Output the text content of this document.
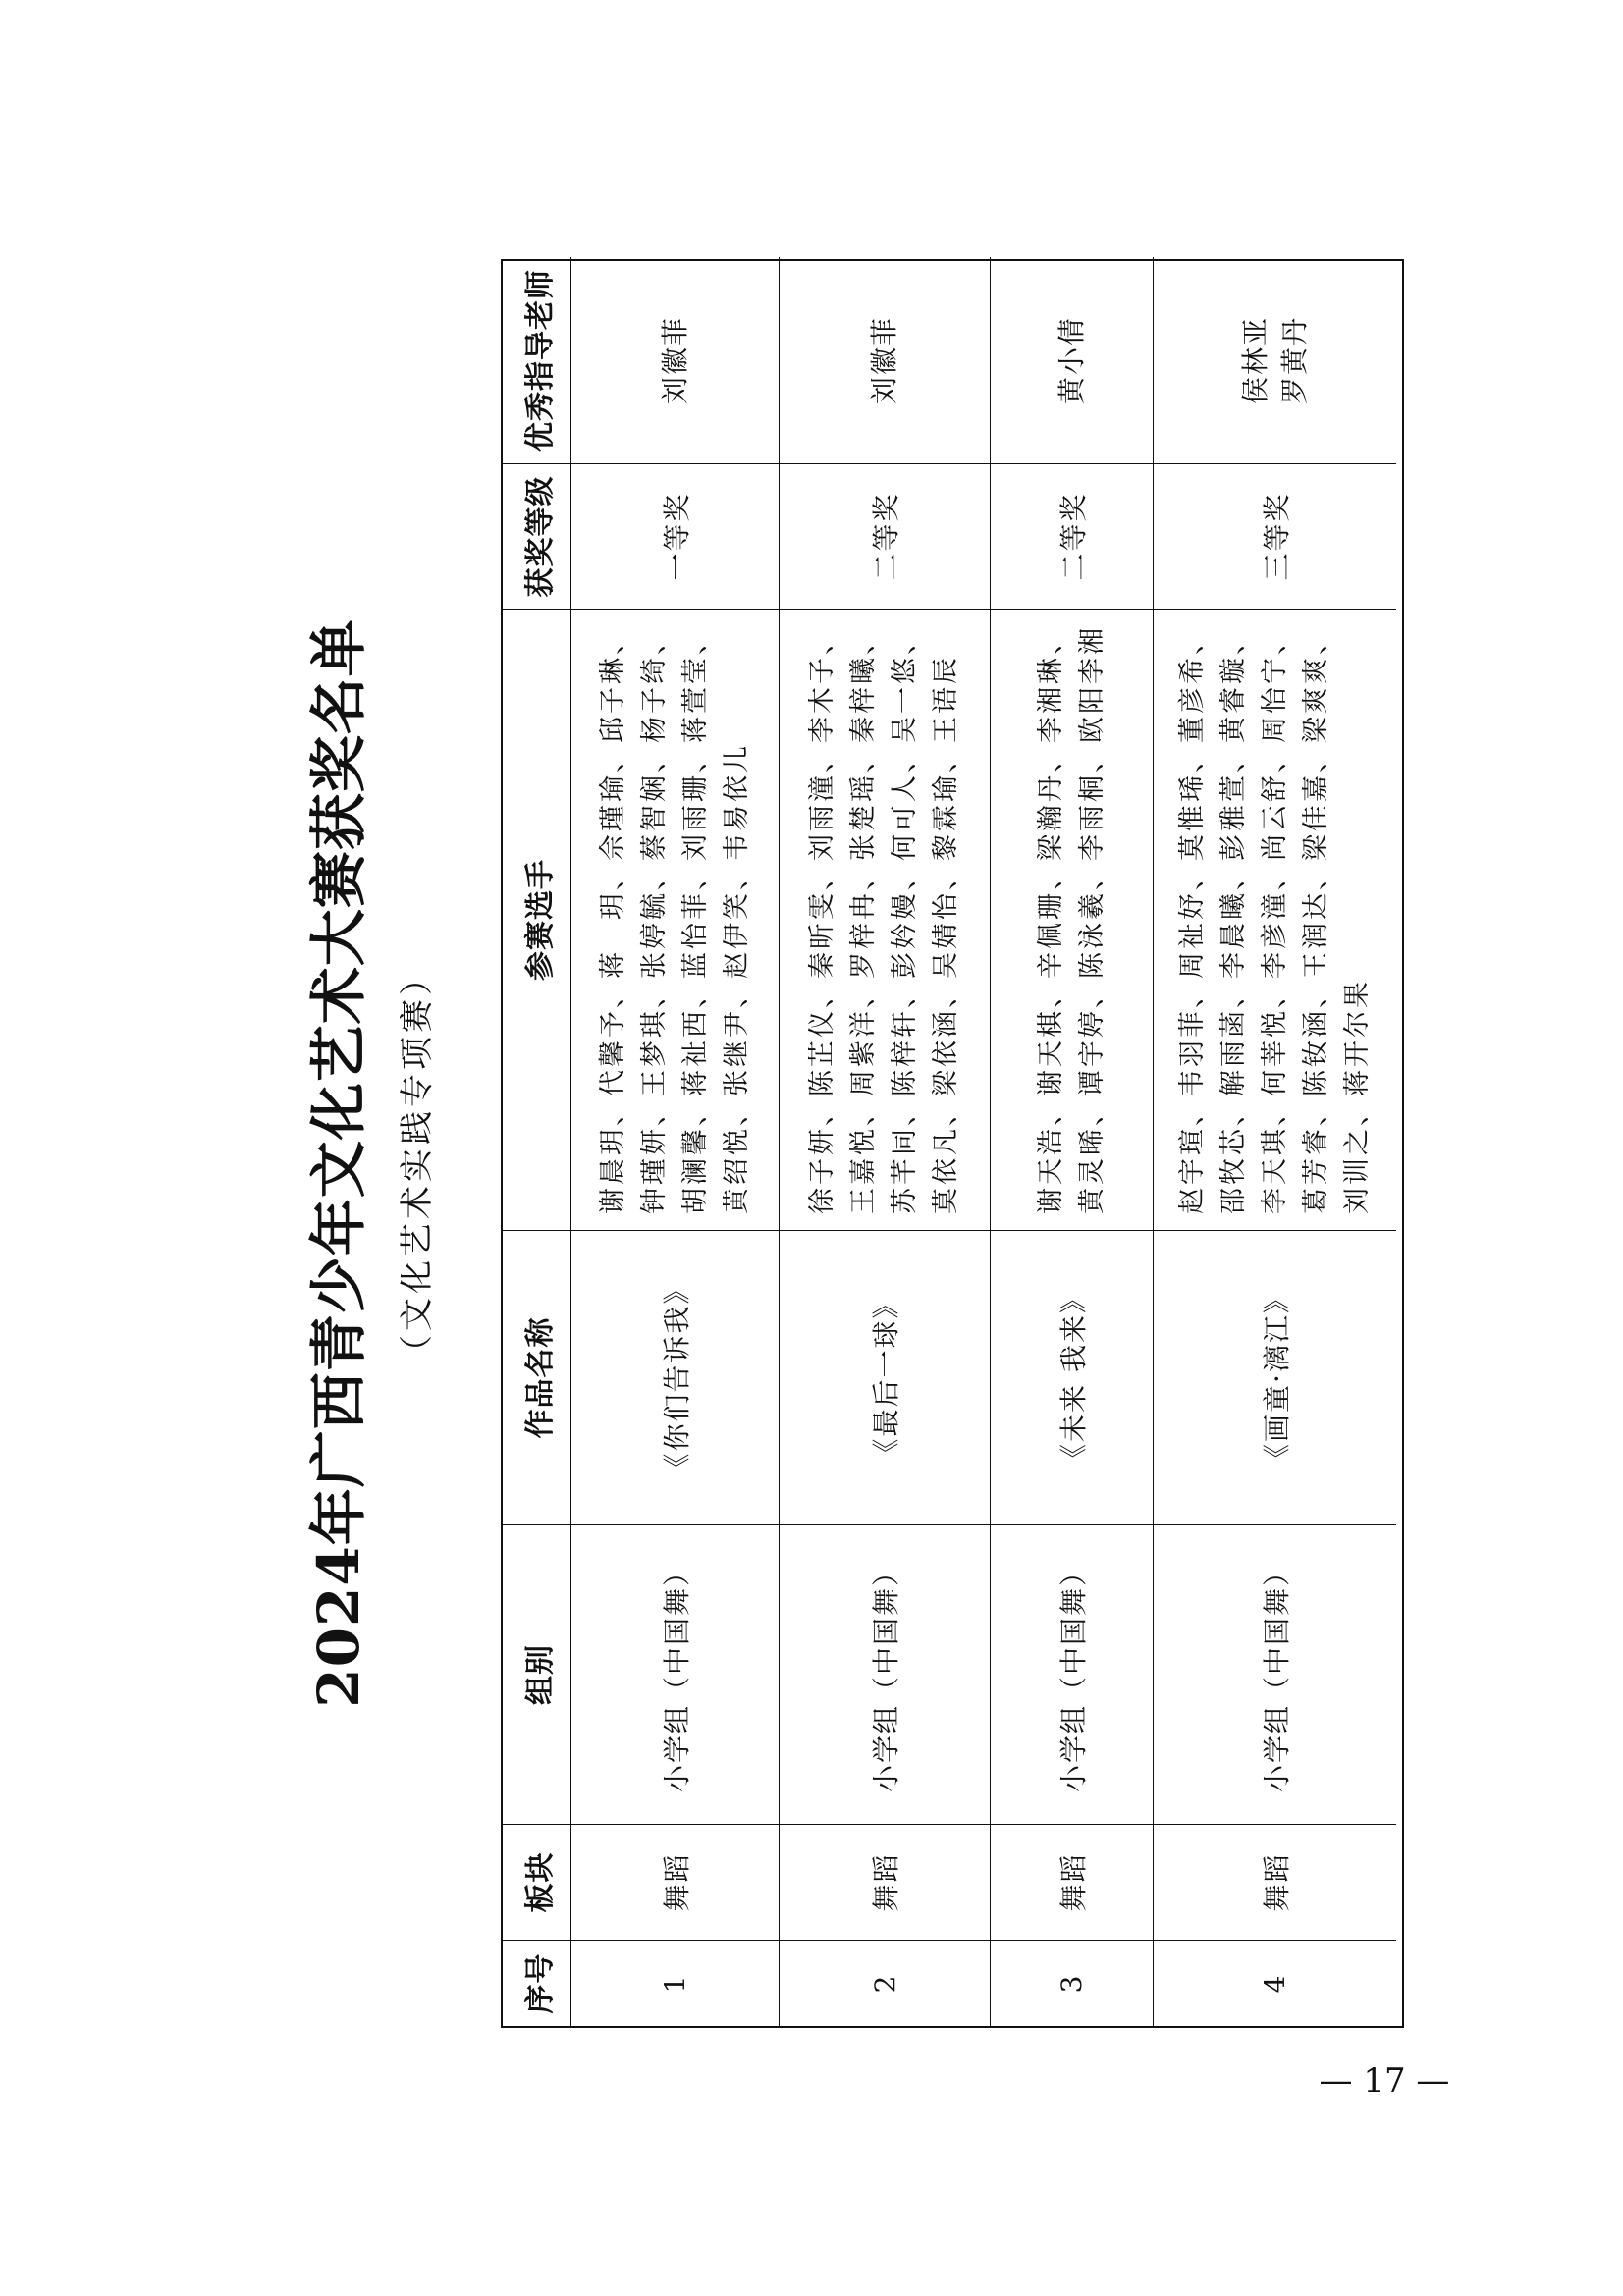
2024年广西青少年文化艺术大赛获奖名单 （文化艺术实践专项赛）
序号
板块
组别
作品名称
参赛选手
获奖等级
优秀指导老师
1
舞蹈
小学组（中国舞）
《你们告诉我》
谢晨玥、代馨予、蒋　玥、佘瑾瑜、邱子琳、钟瑾妍、王梦琪、张婷毓、蔡智娴、杨子绮、胡澜馨、蒋祉西、蓝怡菲、刘雨珊、蒋萱莹、黄绍悦、张继尹、赵伊笑、韦易依儿
一等奖
刘徽菲
2
舞蹈
小学组（中国舞）
《最后一球》
徐子妍、陈芷仪、秦昕雯、刘雨潼、李木子、王嘉悦、周紫洋、罗梓冉、张楚瑶、秦梓曦、苏芊同、陈梓轩、彭妗嫚、何可人、吴一悠、莫依凡、梁依涵、吴婧怡、黎霖瑜、王语辰
二等奖
刘徽菲
3
舞蹈
小学组（中国舞）
《未来 我来》
谢天浩、谢天棋、辛佩珊、梁瀚丹、李湘琳、黄灵晞、谭宇婷、陈泳羲、李雨桐、欧阳李湘
二等奖
黄小倩
4
舞蹈
小学组（中国舞）
《画童·漓江》
赵宇瑄、韦羽菲、周祉妤、莫惟琋、董彦希、邵牧芯、解雨菡、李晨曦、彭雅萱、黄睿璇、李天琪、何莘悦、李彦潼、尚云舒、周怡宁、葛芳睿、陈钕涵、王润达、梁佳嘉、梁爽爽、刘训之、蒋开尔果
三等奖
侯林亚 罗黄丹
— 17 —
